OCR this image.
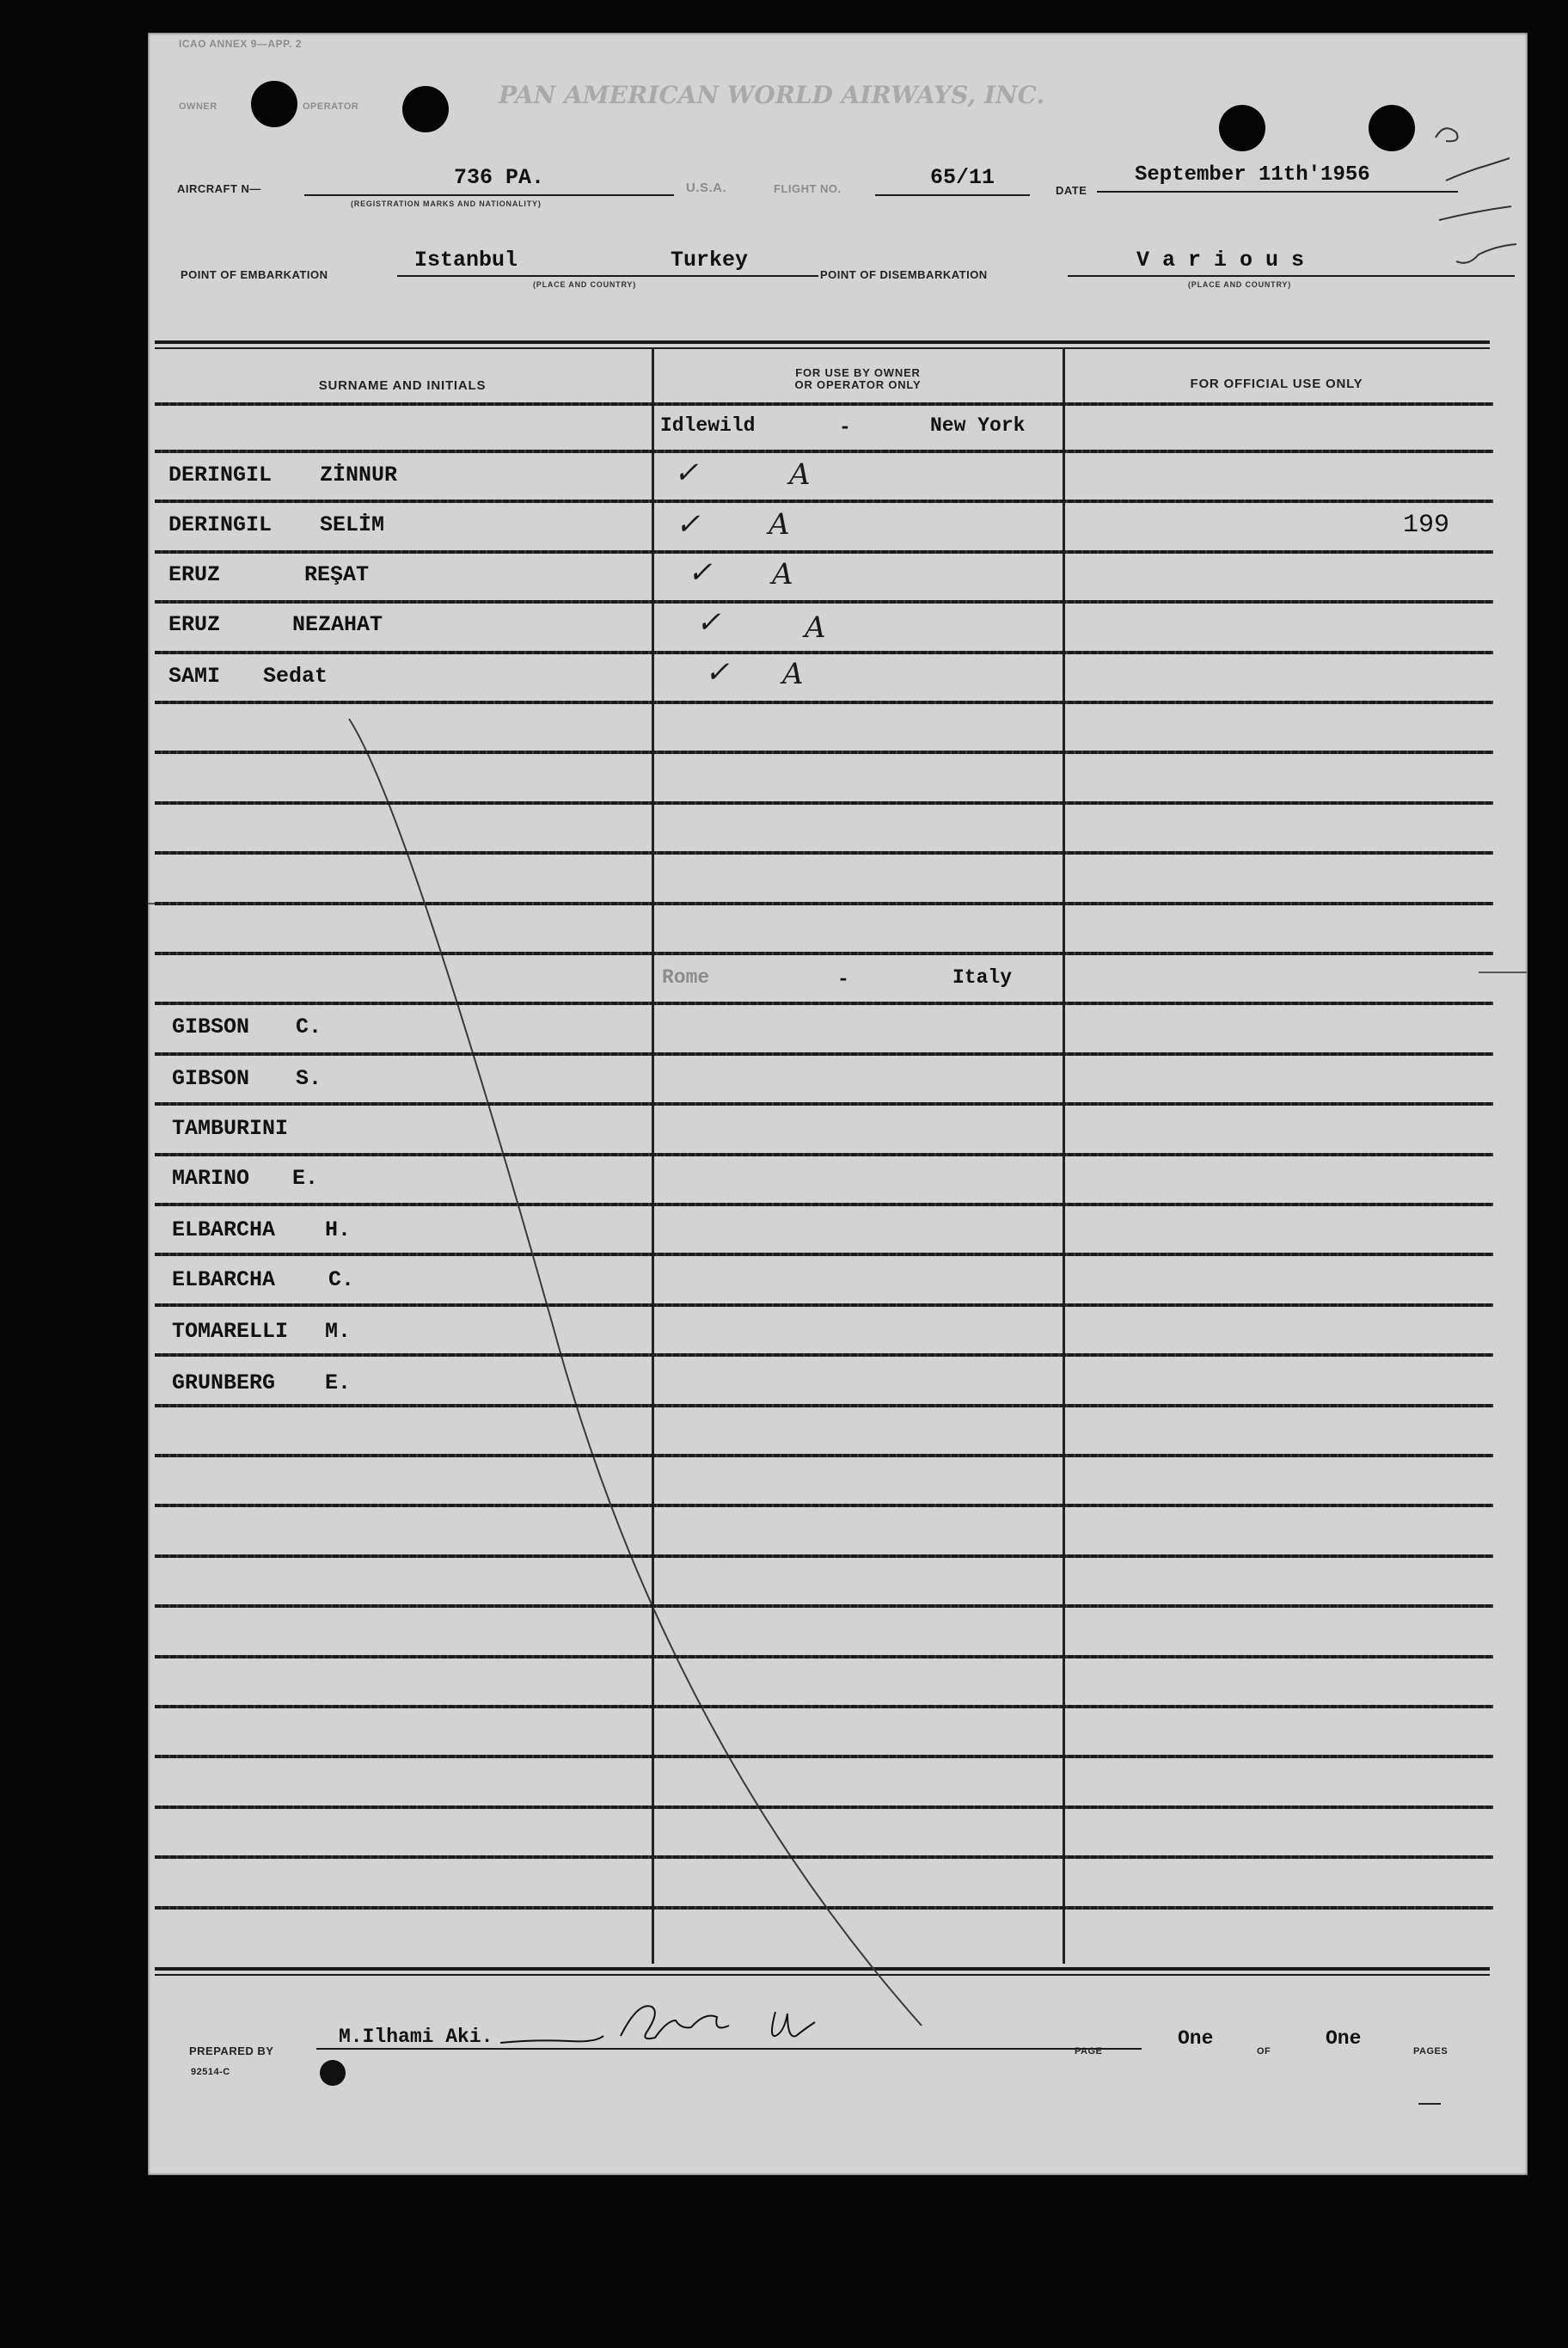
ICAO ANNEX 9—APP. 2
OWNER	OPERATOR	PAN AMERICAN WORLD AIRWAYS, INC.
AIRCRAFT N—	736 PA.
(REGISTRATION MARKS AND NATIONALITY)
U.S.A.	FLIGHT NO.	65/11
DATE
September 11th'1956
POINT OF EMBARKATION
Istanbul	Turkey
(PLACE AND COUNTRY)
POINT OF DISEMBARKATION
V a r i o u s
(PLACE AND COUNTRY)
SURNAME AND INITIALS
FOR USE BY OWNER
OR OPERATOR ONLY	FOR OFFICIAL USE ONLY
Idlewild	-	New York
DERINGIL ZİNNUR	✓	A
DERINGIL SELİM	✓ A	199
ERUZ	REŞAT	✓ A
ERUZ	NEZAHAT	✓	A
SAMI Sedat	✓ A
Rome	-	Italy
GIBSON C.
GIBSON S.
TAMBURINI
MARINO E.
ELBARCHA H.
ELBARCHA C.
TOMARELLI M.
GRUNBERG E.
PREPARED BY
M.Ilhami Aki.
92514-C
PAGE
One
OF
One
PAGES
